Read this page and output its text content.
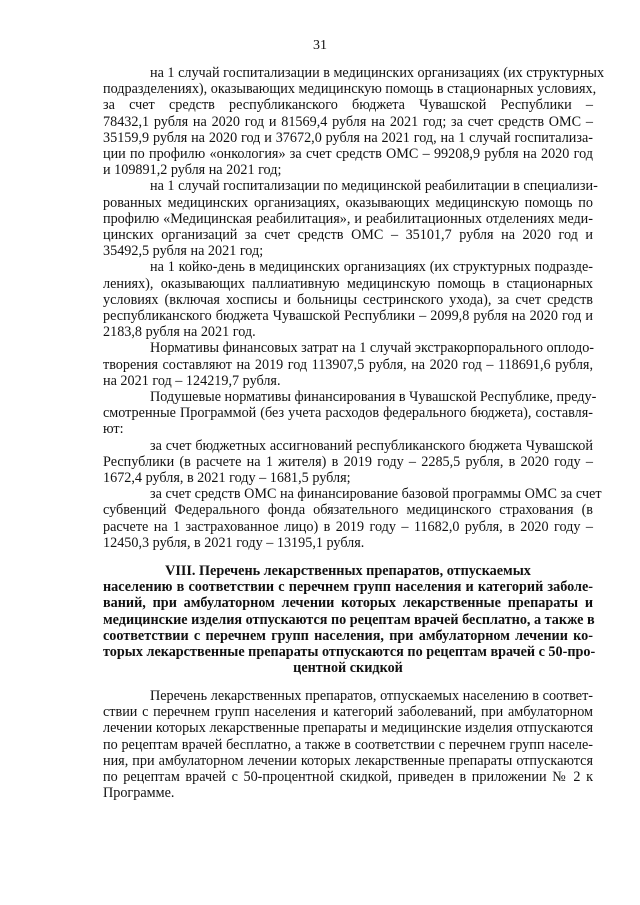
31
на 1 случай госпитализации в медицинских организациях (их структурных
подразделениях), оказывающих медицинскую помощь в стационарных условиях,
за счет средств республиканского бюджета Чувашской Республики –
78432,1 рубля на 2020 год и 81569,4 рубля на 2021 год; за счет средств ОМС –
35159,9 рубля на 2020 год и 37672,0 рубля на 2021 год, на 1 случай госпитализа-
ции по профилю «онкология» за счет средств ОМС – 99208,9 рубля на 2020 год
и 109891,2 рубля на 2021 год;
на 1 случай госпитализации по медицинской реабилитации в специализи-
рованных медицинских организациях, оказывающих медицинскую помощь по
профилю «Медицинская реабилитация», и реабилитационных отделениях меди-
цинских организаций за счет средств ОМС – 35101,7 рубля на 2020 год и
35492,5 рубля на 2021 год;
на 1 койко-день в медицинских организациях (их структурных подразде-
лениях), оказывающих паллиативную медицинскую помощь в стационарных
условиях (включая хосписы и больницы сестринского ухода), за счет средств
республиканского бюджета Чувашской Республики – 2099,8 рубля на 2020 год и
2183,8 рубля на 2021 год.
Нормативы финансовых затрат на 1 случай экстракорпорального оплодо-
творения составляют на 2019 год 113907,5 рубля, на 2020 год – 118691,6 рубля,
на 2021 год – 124219,7 рубля.
Подушевые нормативы финансирования в Чувашской Республике, преду-
смотренные Программой (без учета расходов федерального бюджета), составля-
ют:
за счет бюджетных ассигнований республиканского бюджета Чувашской
Республики (в расчете на 1 жителя) в 2019 году – 2285,5 рубля, в 2020 году –
1672,4 рубля, в 2021 году – 1681,5 рубля;
за счет средств ОМС на финансирование базовой программы ОМС за счет
субвенций Федерального фонда обязательного медицинского страхования (в
расчете на 1 застрахованное лицо) в 2019 году – 11682,0 рубля, в 2020 году –
12450,3 рубля, в 2021 году – 13195,1 рубля.
VIII. Перечень лекарственных препаратов, отпускаемых
населению в соответствии с перечнем групп населения и категорий заболе-
ваний, при амбулаторном лечении которых лекарственные препараты и
медицинские изделия отпускаются по рецептам врачей бесплатно, а также в
соответствии с перечнем групп населения, при амбулаторном лечении ко-
торых лекарственные препараты отпускаются по рецептам врачей с 50-про-
центной скидкой
Перечень лекарственных препаратов, отпускаемых населению в соответ-
ствии с перечнем групп населения и категорий заболеваний, при амбулаторном
лечении которых лекарственные препараты и медицинские изделия отпускаются
по рецептам врачей бесплатно, а также в соответствии с перечнем групп населе-
ния, при амбулаторном лечении которых лекарственные препараты отпускаются
по рецептам врачей с 50-процентной скидкой, приведен в приложении № 2 к
Программе.
